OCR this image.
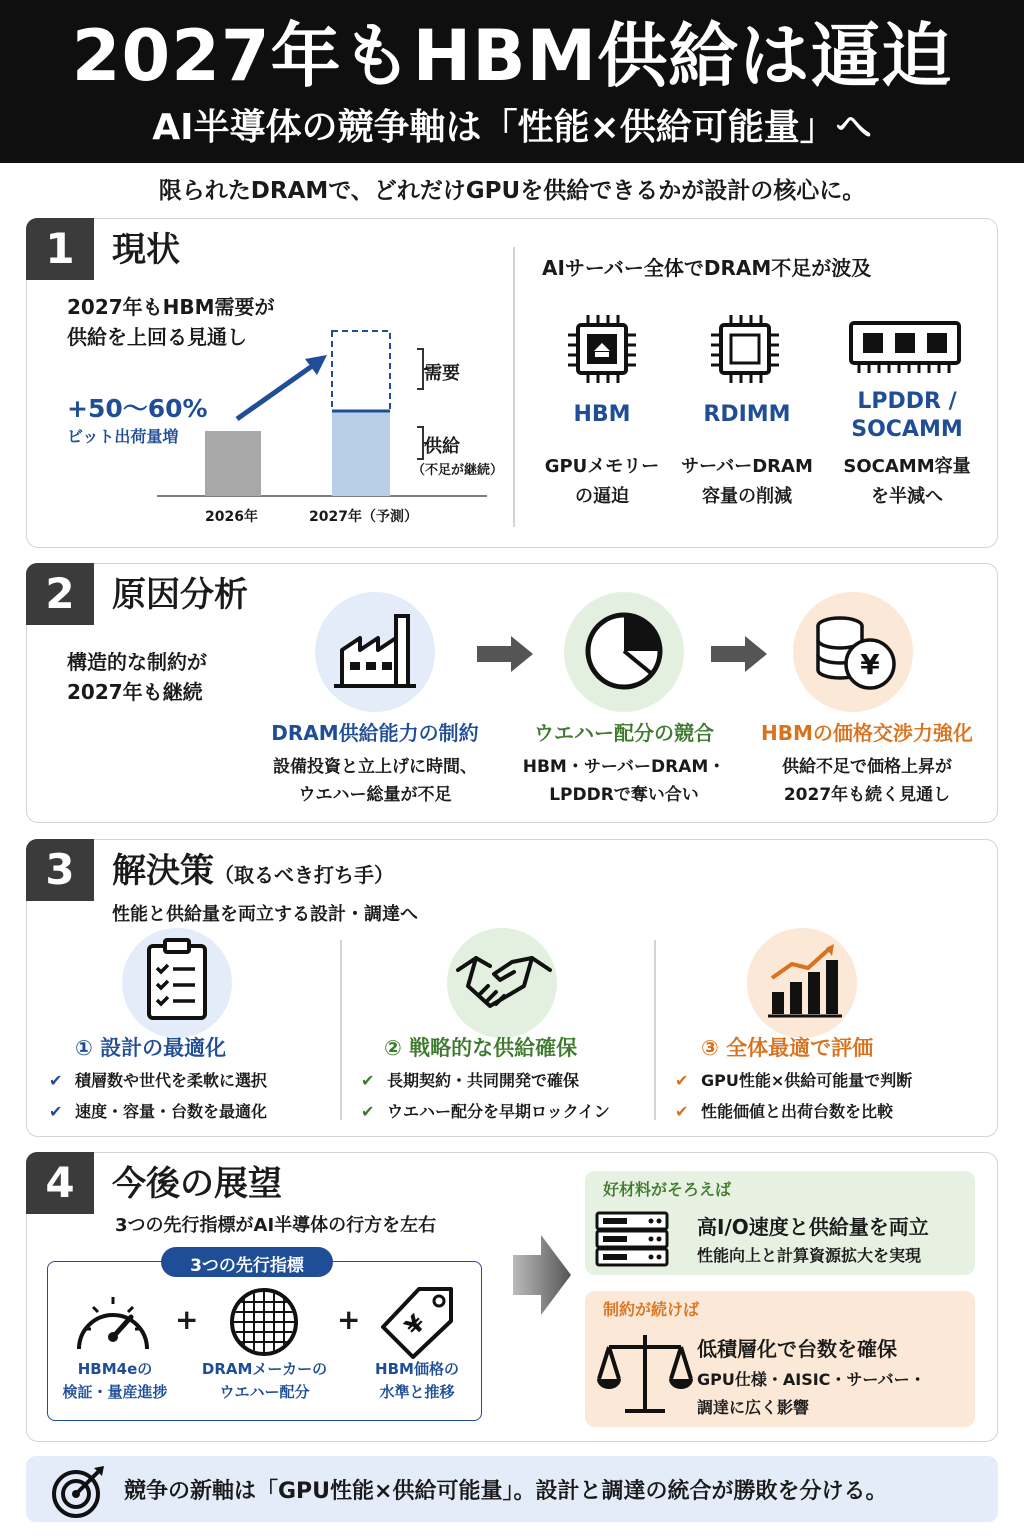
2027年もHBM供給は逼迫
AI半導体の競争軸は「性能×供給可能量」へ
限られたDRAMで、どれだけGPUを供給できるかが設計の核心に。
1	現状
2027年もHBM需要が
供給を上回る見通し
+50～60%
ビット出荷量増
需要
供給
（不足が継続）
2026年	2027年（予測）
AIサーバー全体でDRAM不足が波及
HBM
GPUメモリー
の逼迫
RDIMM
サーバーDRAM
容量の削減
LPDDR /
SOCAMM
SOCAMM容量
を半減へ
2	原因分析
構造的な制約が
2027年も継続
¥
DRAM供給能力の制約
設備投資と立上げに時間、
ウエハー総量が不足
ウエハー配分の競合
HBM・サーバーDRAM・
LPDDRで奪い合い
HBMの価格交渉力強化
供給不足で価格上昇が
2027年も続く見通し
3	解決策（取るべき打ち手）
性能と供給量を両立する設計・調達へ
① 設計の最適化
✔ 積層数や世代を柔軟に選択
✔ 速度・容量・台数を最適化
② 戦略的な供給確保
✔ 長期契約・共同開発で確保
✔ ウエハー配分を早期ロックイン
③ 全体最適で評価
✔ GPU性能×供給可能量で判断
✔ 性能価値と出荷台数を比較
4	今後の展望
3つの先行指標がAI半導体の行方を左右
3つの先行指標
+	+ ¥
HBM4eの
検証・量産進捗
DRAMメーカーの
ウエハー配分
HBM価格の
水準と推移
好材料がそろえば
高I/O速度と供給量を両立
性能向上と計算資源拡大を実現
制約が続けば
低積層化で台数を確保
GPU仕様・AISIC・サーバー・
調達に広く影響
競争の新軸は「GPU性能×供給可能量」。設計と調達の統合が勝敗を分ける。
